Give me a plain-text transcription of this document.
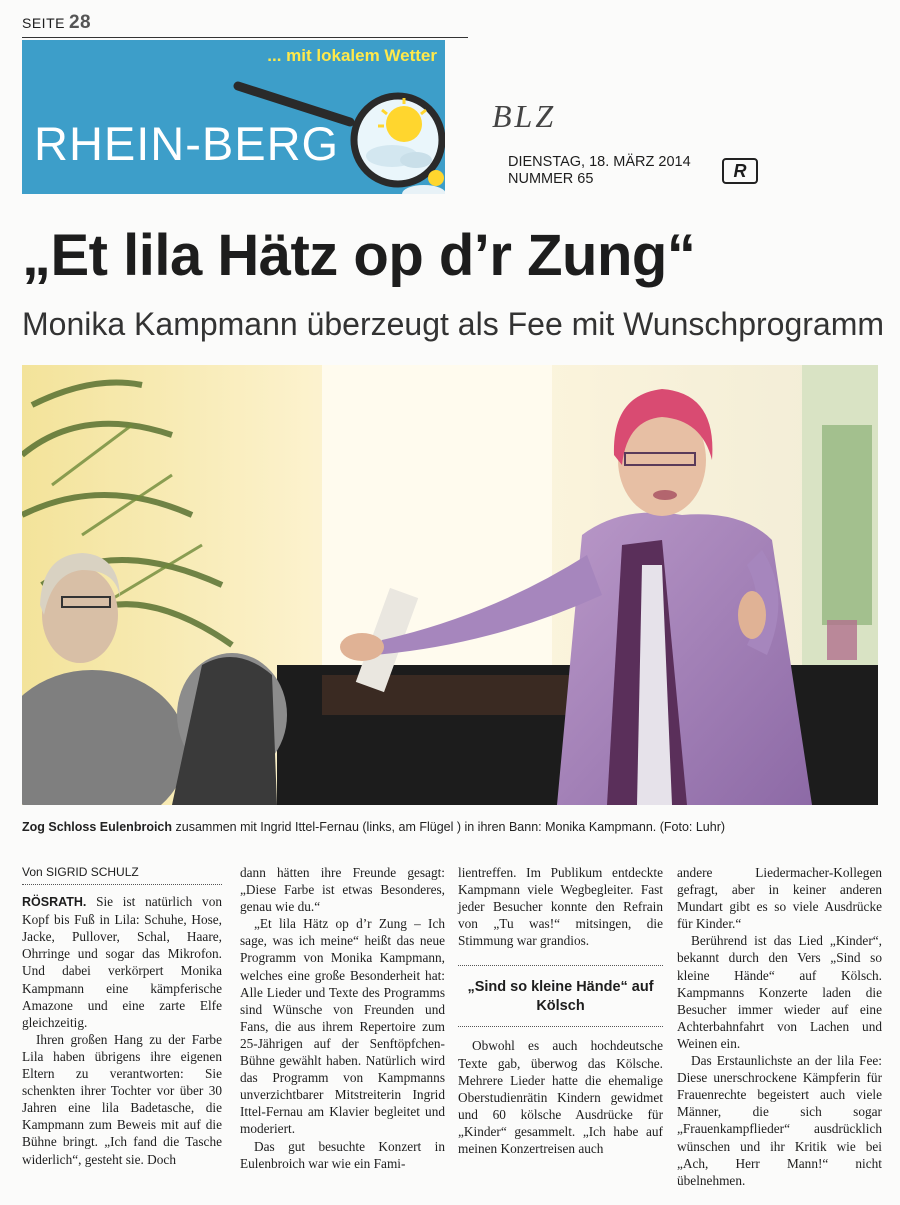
SEITE 28
... mit lokalem Wetter
RHEIN-BERG
BLZ
DIENSTAG, 18. MÄRZ 2014
NUMMER 65	R
„Et lila Hätz op d’r Zung“
Monika Kampmann überzeugt als Fee mit Wunschprogramm
Zog Schloss Eulenbroich zusammen mit Ingrid Ittel-Fernau (links, am Flügel ) in ihren Bann: Monika Kampmann. (Foto: Luhr)
Von SIGRID SCHULZ

RÖSRATH. Sie ist natürlich von Kopf bis Fuß in Lila: Schuhe, Hose, Jacke, Pullover, Schal, Haare, Ohrringe und sogar das Mikrofon. Und dabei verkörpert Monika Kampmann eine kämpferische Amazone und eine zarte Elfe gleichzeitig.

Ihren großen Hang zu der Farbe Lila haben übrigens ihre eigenen Eltern zu verantworten: Sie schenkten ihrer Tochter vor über 30 Jahren eine lila Badetasche, die Kampmann zum Beweis mit auf die Bühne bringt. „Ich fand die Tasche widerlich“, gesteht sie. Doch

dann hätten ihre Freunde gesagt: „Diese Farbe ist etwas Besonderes, genau wie du.“

„Et lila Hätz op d’r Zung – Ich sage, was ich meine“ heißt das neue Programm von Monika Kampmann, welches eine große Besonderheit hat: Alle Lieder und Texte des Programms sind Wünsche von Freunden und Fans, die aus ihrem Repertoire zum 25-Jährigen auf der Senftöpfchen-Bühne gewählt haben. Natürlich wird das Programm von Kampmanns unverzichtbarer Mitstreiterin Ingrid Ittel-Fernau am Klavier begleitet und moderiert.

Das gut besuchte Konzert in Eulenbroich war wie ein Fami-

lientreffen. Im Publikum entdeckte Kampmann viele Wegbegleiter. Fast jeder Besucher konnte den Refrain von „Tu was!“ mitsingen, die Stimmung war grandios.

„Sind so kleine Hände“ auf Kölsch

Obwohl es auch hochdeutsche Texte gab, überwog das Kölsche. Mehrere Lieder hatte die ehemalige Oberstudienrätin Kindern gewidmet und 60 kölsche Ausdrücke für „Kinder“ gesammelt. „Ich habe auf meinen Konzertreisen auch

andere Liedermacher-Kollegen gefragt, aber in keiner anderen Mundart gibt es so viele Ausdrücke für Kinder.“

Berührend ist das Lied „Kinder“, bekannt durch den Vers „Sind so kleine Hände“ auf Kölsch. Kampmanns Konzerte laden die Besucher immer wieder auf eine Achterbahnfahrt von Lachen und Weinen ein.

Das Erstaunlichste an der lila Fee: Diese unerschrockene Kämpferin für Frauenrechte begeistert auch viele Männer, die sich sogar „Frauenkampflieder“ ausdrücklich wünschen und ihr Kritik wie bei „Ach, Herr Mann!“ nicht übelnehmen.
